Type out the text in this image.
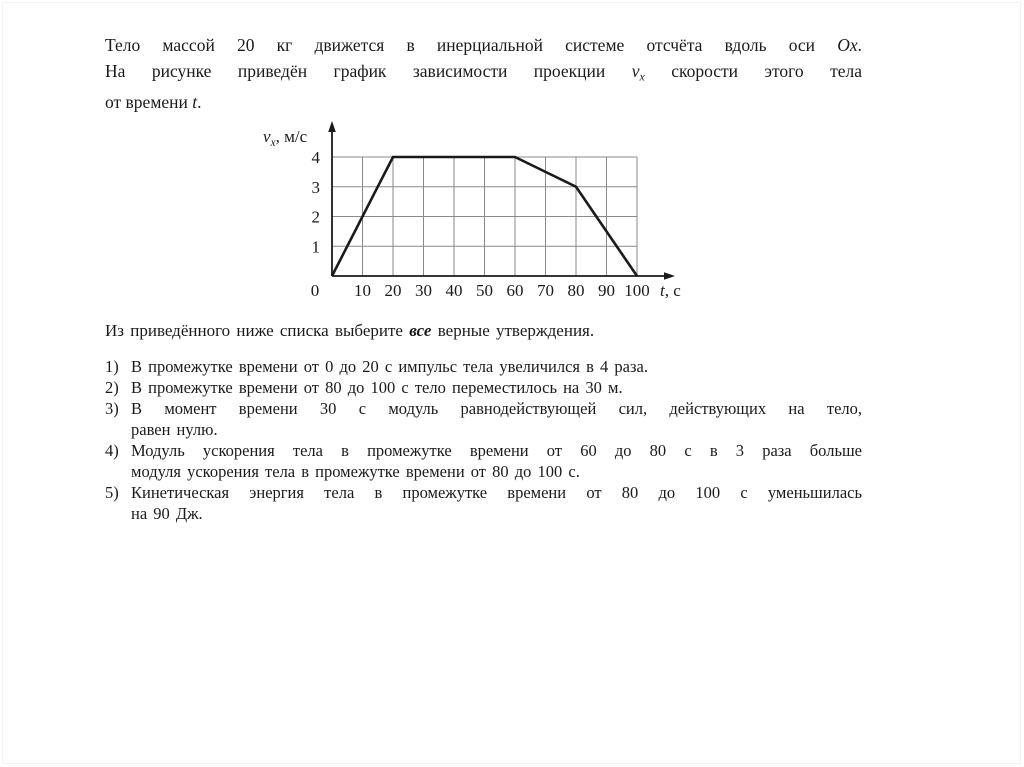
Тело массой 20 кг движется в инерциальной системе отсчёта вдоль оси Ox.
На рисунке приведён график зависимости проекции vx скорости этого тела
от времени t.
1
2
3
4
0 10 20 30 40 50 60 70 80 90 100
$v_x$, м/с
t, с
Из приведённого ниже списка выберите все верные утверждения.
1) В промежутке времени от 0 до 20 с импульс тела увеличился в 4 раза.
2) В промежутке времени от 80 до 100 с тело переместилось на 30 м.
3) В момент времени 30 с модуль равнодействующей сил, действующих на тело,
равен нулю.
4) Модуль ускорения тела в промежутке времени от 60 до 80 с в 3 раза больше
модуля ускорения тела в промежутке времени от 80 до 100 с.
5) Кинетическая энергия тела в промежутке времени от 80 до 100 с уменьшилась
на 90 Дж.
